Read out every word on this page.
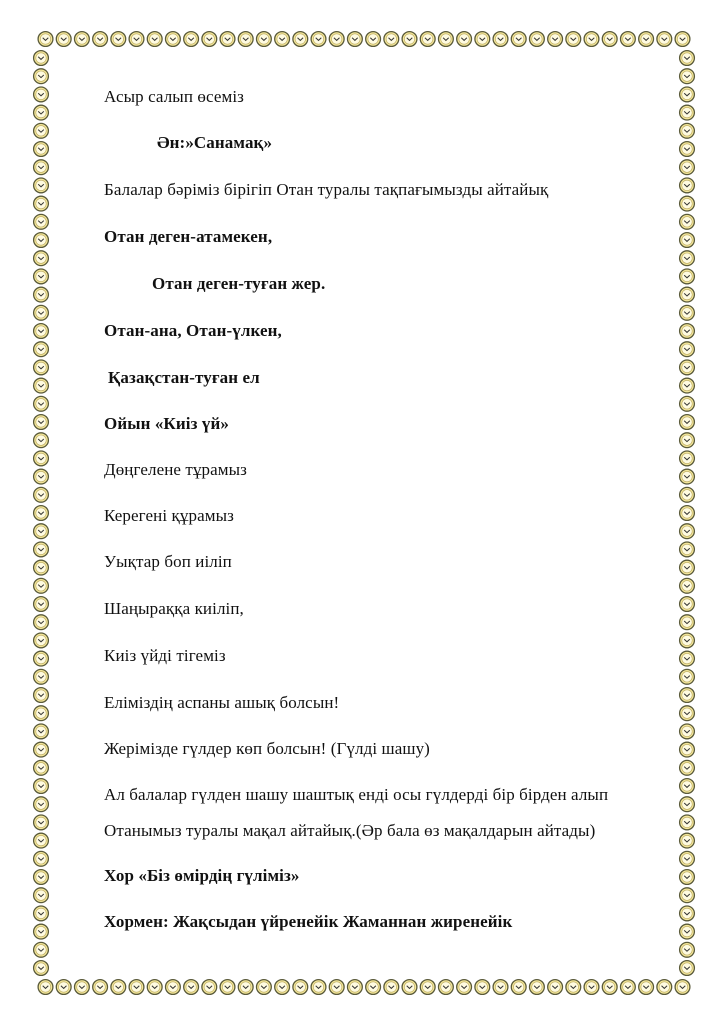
Асыр салып өсеміз
Ән:»Санамақ»
Балалар бәріміз бірігіп Отан туралы тақпағымызды айтайық
Отан деген-атамекен,
Отан деген-туған жер.
Отан-ана, Отан-үлкен,
Қазақстан-туған ел
Ойын «Киіз үй»
Дөңгелене тұрамыз
Керегені құрамыз
Уықтар боп иіліп
Шаңыраққа киіліп,
Киіз үйді тігеміз
Еліміздің аспаны ашық болсын!
Жерімізде гүлдер көп болсын! (Гүлді шашу)
Ал балалар гүлден шашу шаштық енді осы гүлдерді бір бірден алып
Отанымыз туралы мақал айтайық.(Әр бала өз мақалдарын айтады)
Хор «Біз өмірдің гүліміз»
Хормен: Жақсыдан үйренейік Жаманнан жиренейік
